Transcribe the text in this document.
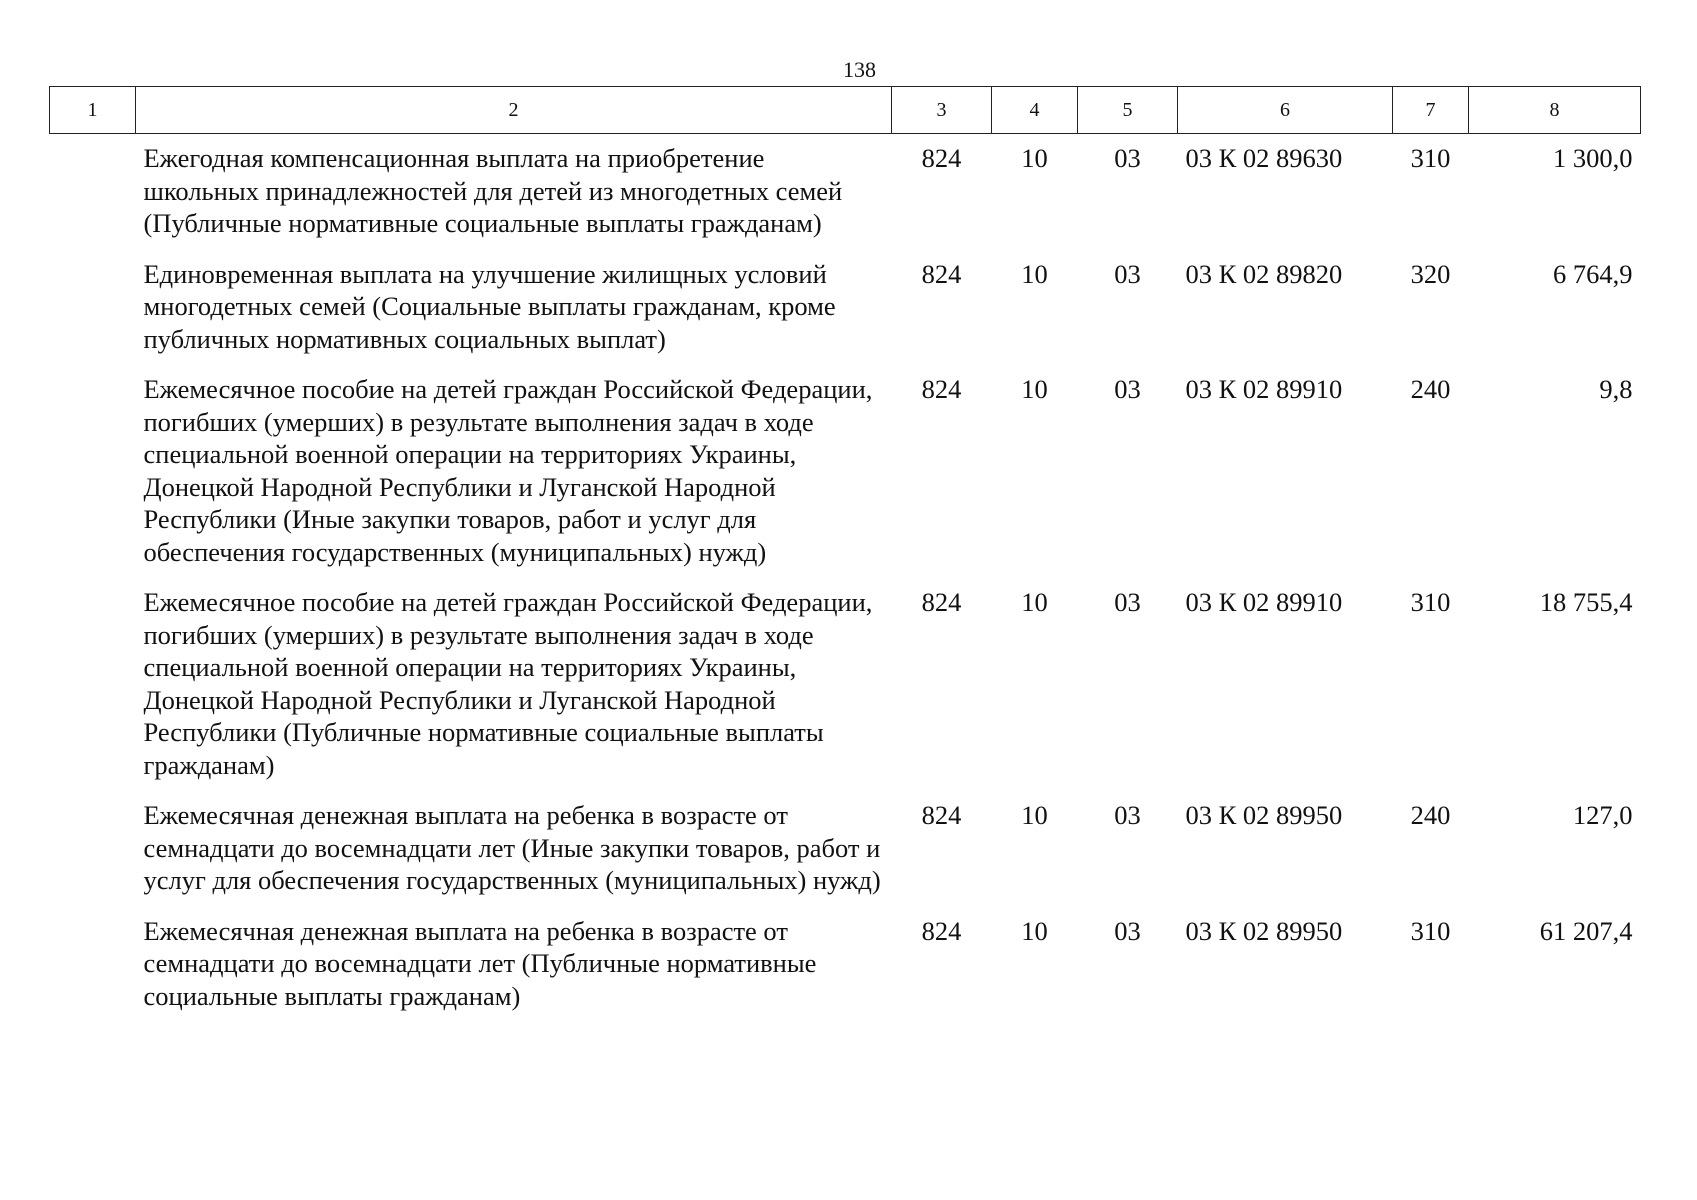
138
1	2	3	4	5	6	7	8
	Ежегодная компенсационная выплата на приобретение школьных принадлежностей для детей из многодетных семей (Публичные нормативные социальные выплаты гражданам)	824	10	03	03 К 02 89630	310	1 300,0
	Единовременная выплата на улучшение жилищных условий многодетных семей (Социальные выплаты гражданам, кроме публичных нормативных социальных выплат)	824	10	03	03 К 02 89820	320	6 764,9
	Ежемесячное пособие на детей граждан Российской Федерации, погибших (умерших) в результате выполнения задач в ходе специальной военной операции на территориях Украины, Донецкой Народной Республики и Луганской Народной Республики (Иные закупки товаров, работ и услуг для обеспечения государственных (муниципальных) нужд)	824	10	03	03 К 02 89910	240	9,8
	Ежемесячное пособие на детей граждан Российской Федерации, погибших (умерших) в результате выполнения задач в ходе специальной военной операции на территориях Украины, Донецкой Народной Республики и Луганской Народной Республики (Публичные нормативные социальные выплаты гражданам)	824	10	03	03 К 02 89910	310	18 755,4
	Ежемесячная денежная выплата на ребенка в возрасте от семнадцати до восемнадцати лет (Иные закупки товаров, работ и услуг для обеспечения государственных (муниципальных) нужд)	824	10	03	03 К 02 89950	240	127,0
	Ежемесячная денежная выплата на ребенка в возрасте от семнадцати до восемнадцати лет (Публичные нормативные социальные выплаты гражданам)	824	10	03	03 К 02 89950	310	61 207,4
